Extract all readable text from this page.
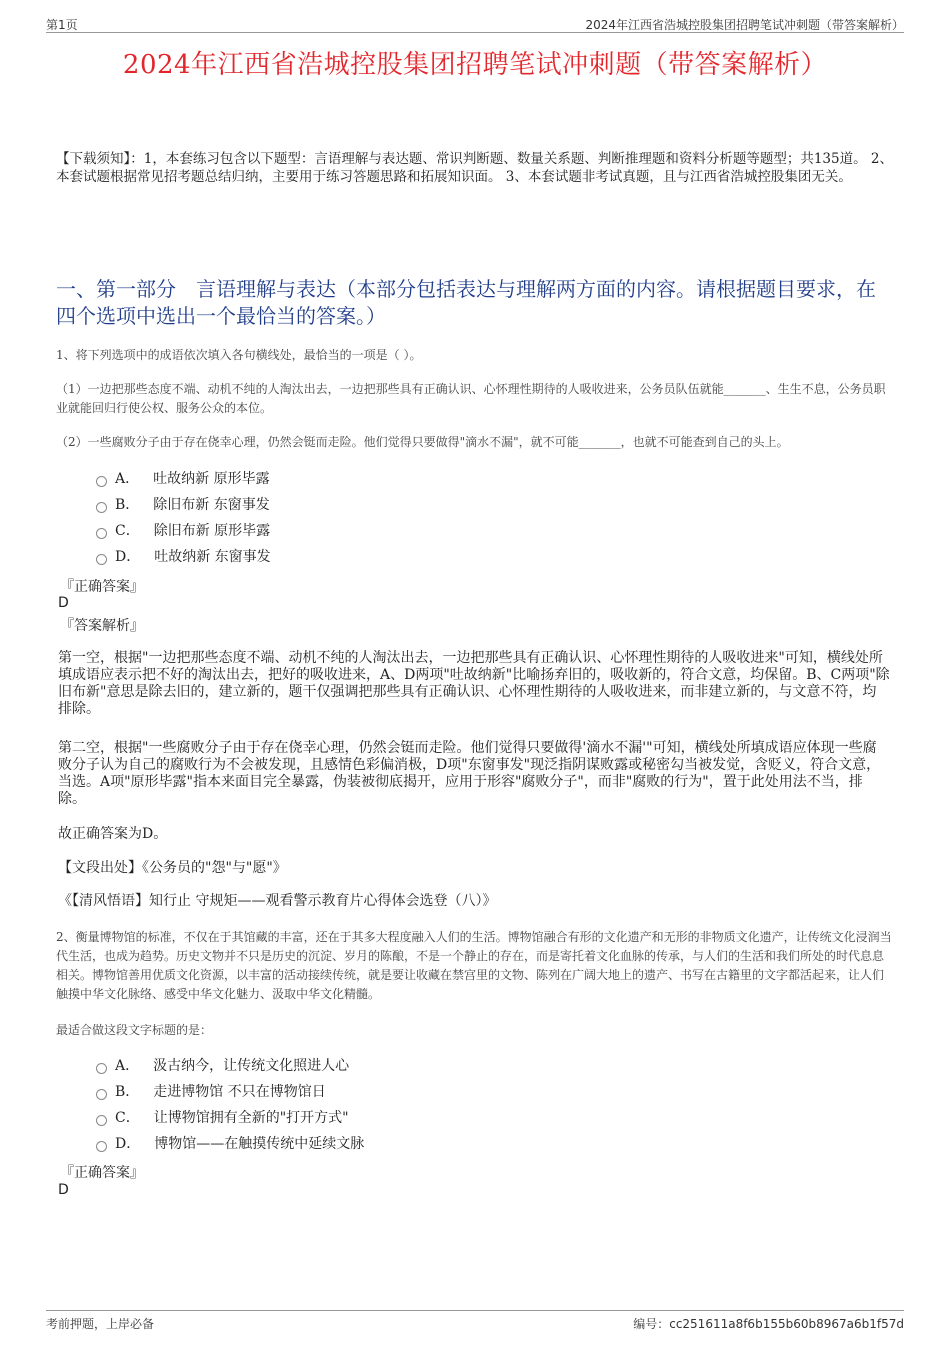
第1页	2024年江西省浩城控股集团招聘笔试冲刺题（带答案解析）
2024年江西省浩城控股集团招聘笔试冲刺题（带答案解析）
【下载须知】：1，本套练习包含以下题型：言语理解与表达题、常识判断题、数量关系题、判断推理题和资料分析题等题型；共135道。 2、本套试题根据常见招考题总结归纳，主要用于练习答题思路和拓展知识面。 3、本套试题非考试真题，且与江西省浩城控股集团无关。
一、第一部分　言语理解与表达（本部分包括表达与理解两方面的内容。请根据题目要求，在四个选项中选出一个最恰当的答案。）
1、将下列选项中的成语依次填入各句横线处，最恰当的一项是（ ）。
（1）一边把那些态度不端、动机不纯的人淘汰出去，一边把那些具有正确认识、心怀理性期待的人吸收进来，公务员队伍就能_______、生生不息，公务员职业就能回归行使公权、服务公众的本位。
（2）一些腐败分子由于存在侥幸心理，仍然会铤而走险。他们觉得只要做得"滴水不漏"，就不可能_______，也就不可能查到自己的头上。
A． 吐故纳新 原形毕露
B． 除旧布新 东窗事发
C． 除旧布新 原形毕露
D． 吐故纳新 东窗事发
『正确答案』
D
『答案解析』
第一空，根据"一边把那些态度不端、动机不纯的人淘汰出去，一边把那些具有正确认识、心怀理性期待的人吸收进来"可知，横线处所填成语应表示把不好的淘汰出去，把好的吸收进来，A、D两项"吐故纳新"比喻扬弃旧的，吸收新的，符合文意，均保留。B、C两项"除旧布新"意思是除去旧的，建立新的，题干仅强调把那些具有正确认识、心怀理性期待的人吸收进来，而非建立新的，与文意不符，均排除。
第二空，根据"一些腐败分子由于存在侥幸心理，仍然会铤而走险。他们觉得只要做得'滴水不漏'"可知，横线处所填成语应体现一些腐败分子认为自己的腐败行为不会被发现，且感情色彩偏消极，D项"东窗事发"现泛指阴谋败露或秘密勾当被发觉，含贬义，符合文意，当选。A项"原形毕露"指本来面目完全暴露，伪装被彻底揭开，应用于形容"腐败分子"，而非"腐败的行为"，置于此处用法不当，排除。
故正确答案为D。
【文段出处】《公务员的"怨"与"愿"》
《【清风悟语】知行止 守规矩——观看警示教育片心得体会选登（八）》
2、衡量博物馆的标准，不仅在于其馆藏的丰富，还在于其多大程度融入人们的生活。博物馆融合有形的文化遗产和无形的非物质文化遗产，让传统文化浸润当代生活，也成为趋势。历史文物并不只是历史的沉淀、岁月的陈酿，不是一个静止的存在，而是寄托着文化血脉的传承，与人们的生活和我们所处的时代息息相关。博物馆善用优质文化资源，以丰富的活动接续传统，就是要让收藏在禁宫里的文物、陈列在广阔大地上的遗产、书写在古籍里的文字都活起来，让人们触摸中华文化脉络、感受中华文化魅力、汲取中华文化精髓。
最适合做这段文字标题的是：
A． 汲古纳今，让传统文化照进人心
B． 走进博物馆 不只在博物馆日
C． 让博物馆拥有全新的"打开方式"
D． 博物馆——在触摸传统中延续文脉
『正确答案』
D
考前押题，上岸必备	编号：cc251611a8f6b155b60b8967a6b1f57d
